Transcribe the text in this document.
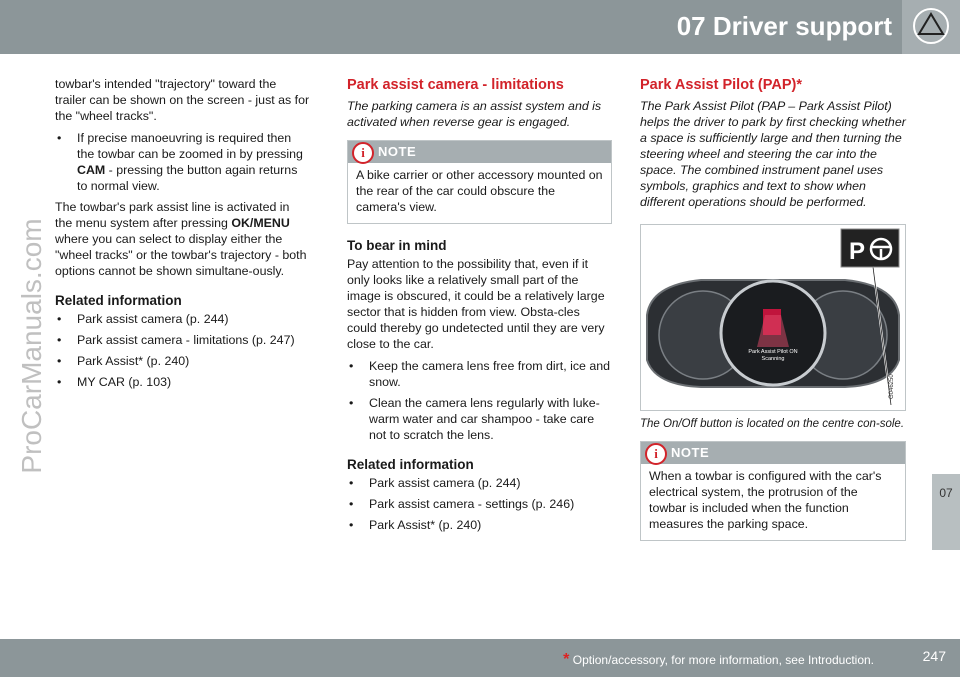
07 Driver support
07
ProCarManuals.com

towbar's intended "trajectory" toward the trailer can be shown on the screen - just as for the "wheel tracks".

• If precise manoeuvring is required then the towbar can be zoomed in by pressing CAM - pressing the button again returns to normal view.

The towbar's park assist line is activated in the menu system after pressing OK/MENU where you can select to display either the "wheel tracks" or the towbar's trajectory - both options cannot be shown simultane-ously.

Related information
• Park assist camera (p. 244)
• Park assist camera - limitations (p. 247)
• Park Assist* (p. 240)
• MY CAR (p. 103)
Park assist camera - limitations

The parking camera is an assist system and is activated when reverse gear is engaged.

i	NOTE
A bike carrier or other accessory mounted on the rear of the car could obscure the camera's view.
To bear in mind

Pay attention to the possibility that, even if it only looks like a relatively small part of the image is obscured, it could be a relatively large sector that is hidden from view. Obsta-cles could thereby go undetected until they are very close to the car.

• Keep the camera lens free from dirt, ice and snow.
• Clean the camera lens regularly with luke-warm water and car shampoo - take care not to scratch the lens.
Related information
• Park assist camera (p. 244)
• Park assist camera - settings (p. 246)
• Park Assist* (p. 240)
Park Assist Pilot (PAP)*

The Park Assist Pilot (PAP – Park Assist Pilot) helps the driver to park by first checking whether a space is sufficiently large and then turning the steering wheel and steering the car into the space. The combined instrument panel uses symbols, graphics and text to show when different operations should be performed.

P
Park Assist Pilot ON
Scanning
G046250
The On/Off button is located on the centre con-sole.
i	NOTE
When a towbar is configured with the car's electrical system, the protrusion of the towbar is included when the function measures the parking space.
* Option/accessory, for more information, see Introduction.	247
